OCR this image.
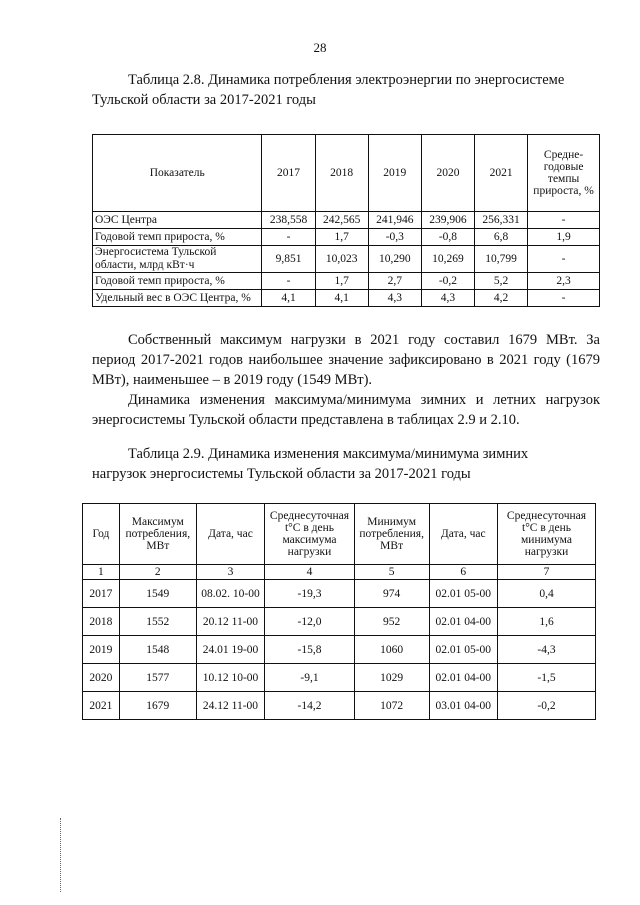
28
Таблица 2.8. Динамика потребления электроэнергии по энергосистеме
Тульской области за 2017-2021 годы
Показатель	2017	2018	2019	2020	2021	Средне-годовые темпы прироста, %
ОЭС Центра	238,558	242,565	241,946	239,906	256,331	-
Годовой темп прироста, %	-	1,7	-0,3	-0,8	6,8	1,9
Энергосистема Тульской области, млрд кВт·ч	9,851	10,023	10,290	10,269	10,799	-
Годовой темп прироста, %	-	1,7	2,7	-0,2	5,2	2,3
Удельный вес в ОЭС Центра, %	4,1	4,1	4,3	4,3	4,2	-
Собственный максимум нагрузки в 2021 году составил 1679 МВт. За период 2017-2021 годов наибольшее значение зафиксировано в 2021 году (1679 МВт), наименьшее – в 2019 году (1549 МВт).
Динамика изменения максимума/минимума зимних и летних нагрузок энергосистемы Тульской области представлена в таблицах 2.9 и 2.10.
Таблица 2.9. Динамика изменения максимума/минимума зимних
нагрузок энергосистемы Тульской области за 2017-2021 годы
Год	Максимум потребления, МВт	Дата, час	Среднесуточная t°C в день максимума нагрузки	Минимум потребления, МВт	Дата, час	Среднесуточная t°C в день минимума нагрузки
1	2	3	4	5	6	7
2017	1549	08.02. 10-00	-19,3	974	02.01 05-00	0,4
2018	1552	20.12 11-00	-12,0	952	02.01 04-00	1,6
2019	1548	24.01 19-00	-15,8	1060	02.01 05-00	-4,3
2020	1577	10.12 10-00	-9,1	1029	02.01 04-00	-1,5
2021	1679	24.12 11-00	-14,2	1072	03.01 04-00	-0,2
